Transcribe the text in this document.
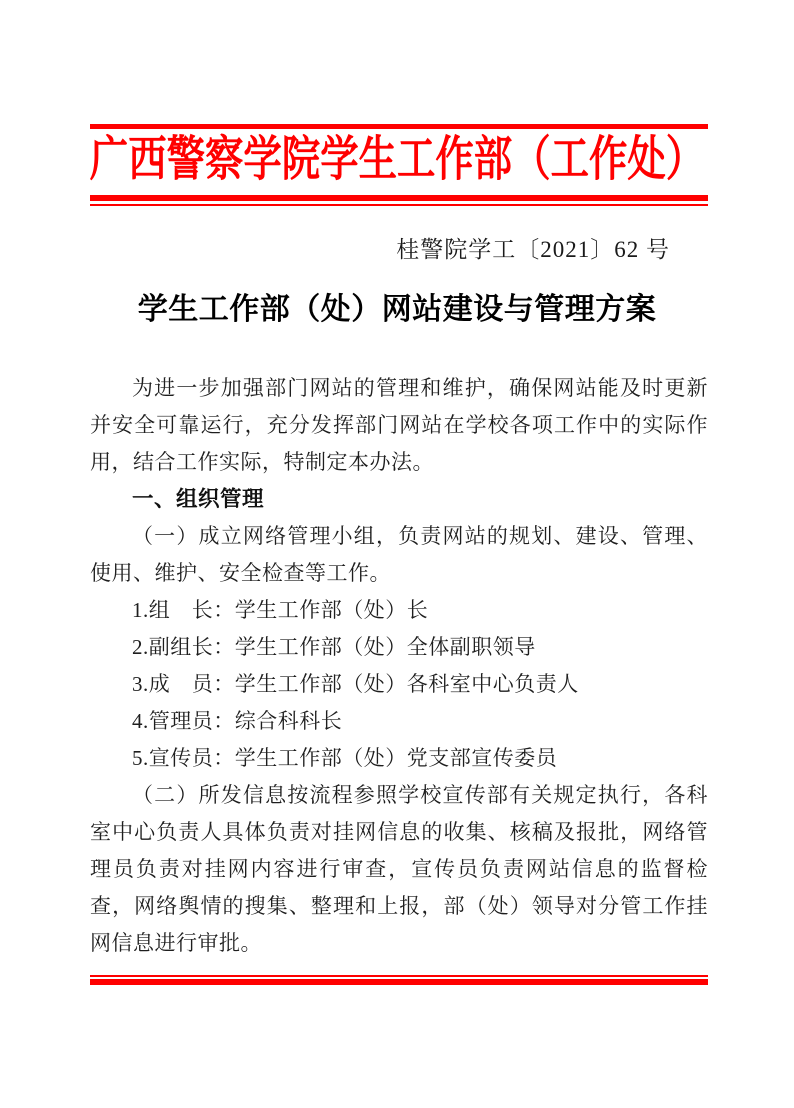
广西警察学院学生工作部（工作处）
桂警院学工〔2021〕62 号
学生工作部（处）网站建设与管理方案

为进一步加强部门网站的管理和维护，确保网站能及时更新并安全可靠运行，充分发挥部门网站在学校各项工作中的实际作用，结合工作实际，特制定本办法。

一、组织管理

（一）成立网络管理小组，负责网站的规划、建设、管理、使用、维护、安全检查等工作。

1.组　长：学生工作部（处）长

2.副组长：学生工作部（处）全体副职领导

3.成　员：学生工作部（处）各科室中心负责人

4.管理员：综合科科长

5.宣传员：学生工作部（处）党支部宣传委员

（二）所发信息按流程参照学校宣传部有关规定执行，各科室中心负责人具体负责对挂网信息的收集、核稿及报批，网络管理员负责对挂网内容进行审查，宣传员负责网站信息的监督检查，网络舆情的搜集、整理和上报，部（处）领导对分管工作挂网信息进行审批。
